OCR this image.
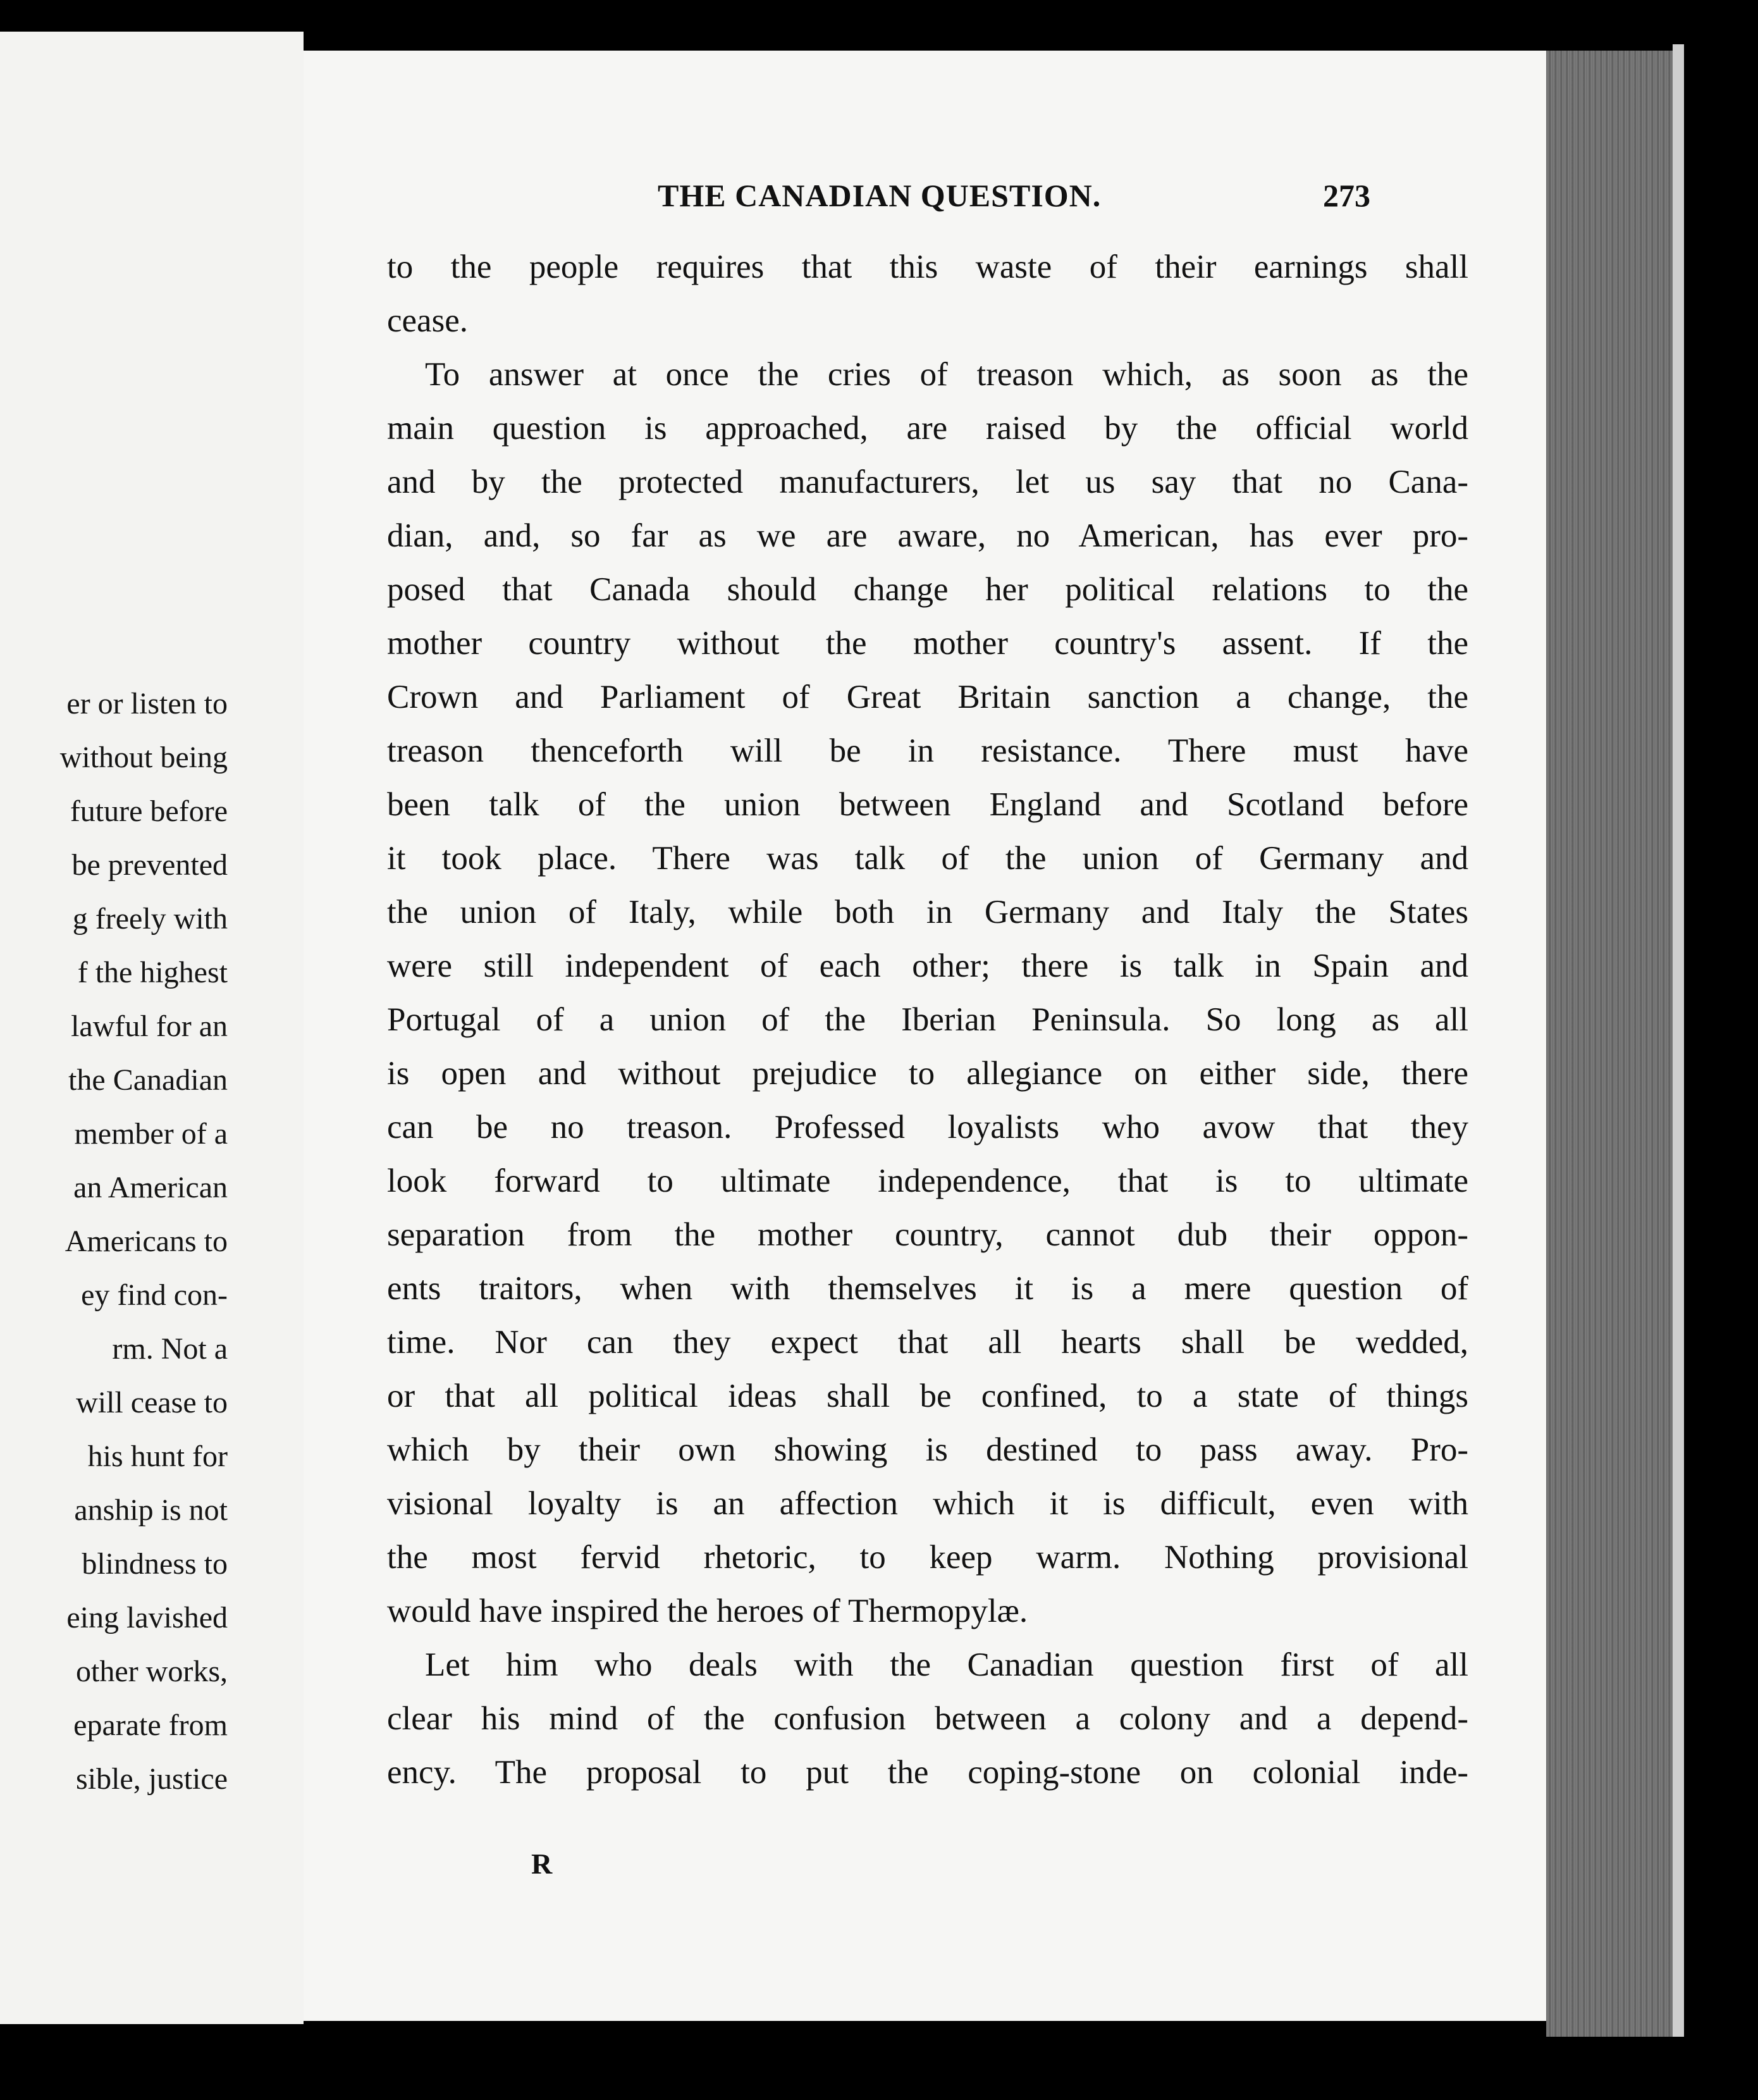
er or listen to
without being
future before
be prevented
g freely with
f the highest
lawful for an
the Canadian
member of a
an American
Americans to
ey find con-
rm. Not a
will cease to
his hunt for
anship is not
blindness to
eing lavished
other works,
eparate from
sible, justice
THE CANADIAN QUESTION.	273
to the people requires that this waste of their earnings shall
cease.
To answer at once the cries of treason which, as soon as the
main question is approached, are raised by the official world
and by the protected manufacturers, let us say that no Cana-
dian, and, so far as we are aware, no American, has ever pro-
posed that Canada should change her political relations to the
mother country without the mother country's assent. If the
Crown and Parliament of Great Britain sanction a change, the
treason thenceforth will be in resistance. There must have
been talk of the union between England and Scotland before
it took place. There was talk of the union of Germany and
the union of Italy, while both in Germany and Italy the States
were still independent of each other; there is talk in Spain and
Portugal of a union of the Iberian Peninsula. So long as all
is open and without prejudice to allegiance on either side, there
can be no treason. Professed loyalists who avow that they
look forward to ultimate independence, that is to ultimate
separation from the mother country, cannot dub their oppon-
ents traitors, when with themselves it is a mere question of
time. Nor can they expect that all hearts shall be wedded,
or that all political ideas shall be confined, to a state of things
which by their own showing is destined to pass away. Pro-
visional loyalty is an affection which it is difficult, even with
the most fervid rhetoric, to keep warm. Nothing provisional
would have inspired the heroes of Thermopylæ.
Let him who deals with the Canadian question first of all
clear his mind of the confusion between a colony and a depend-
ency. The proposal to put the coping-stone on colonial inde-
R
